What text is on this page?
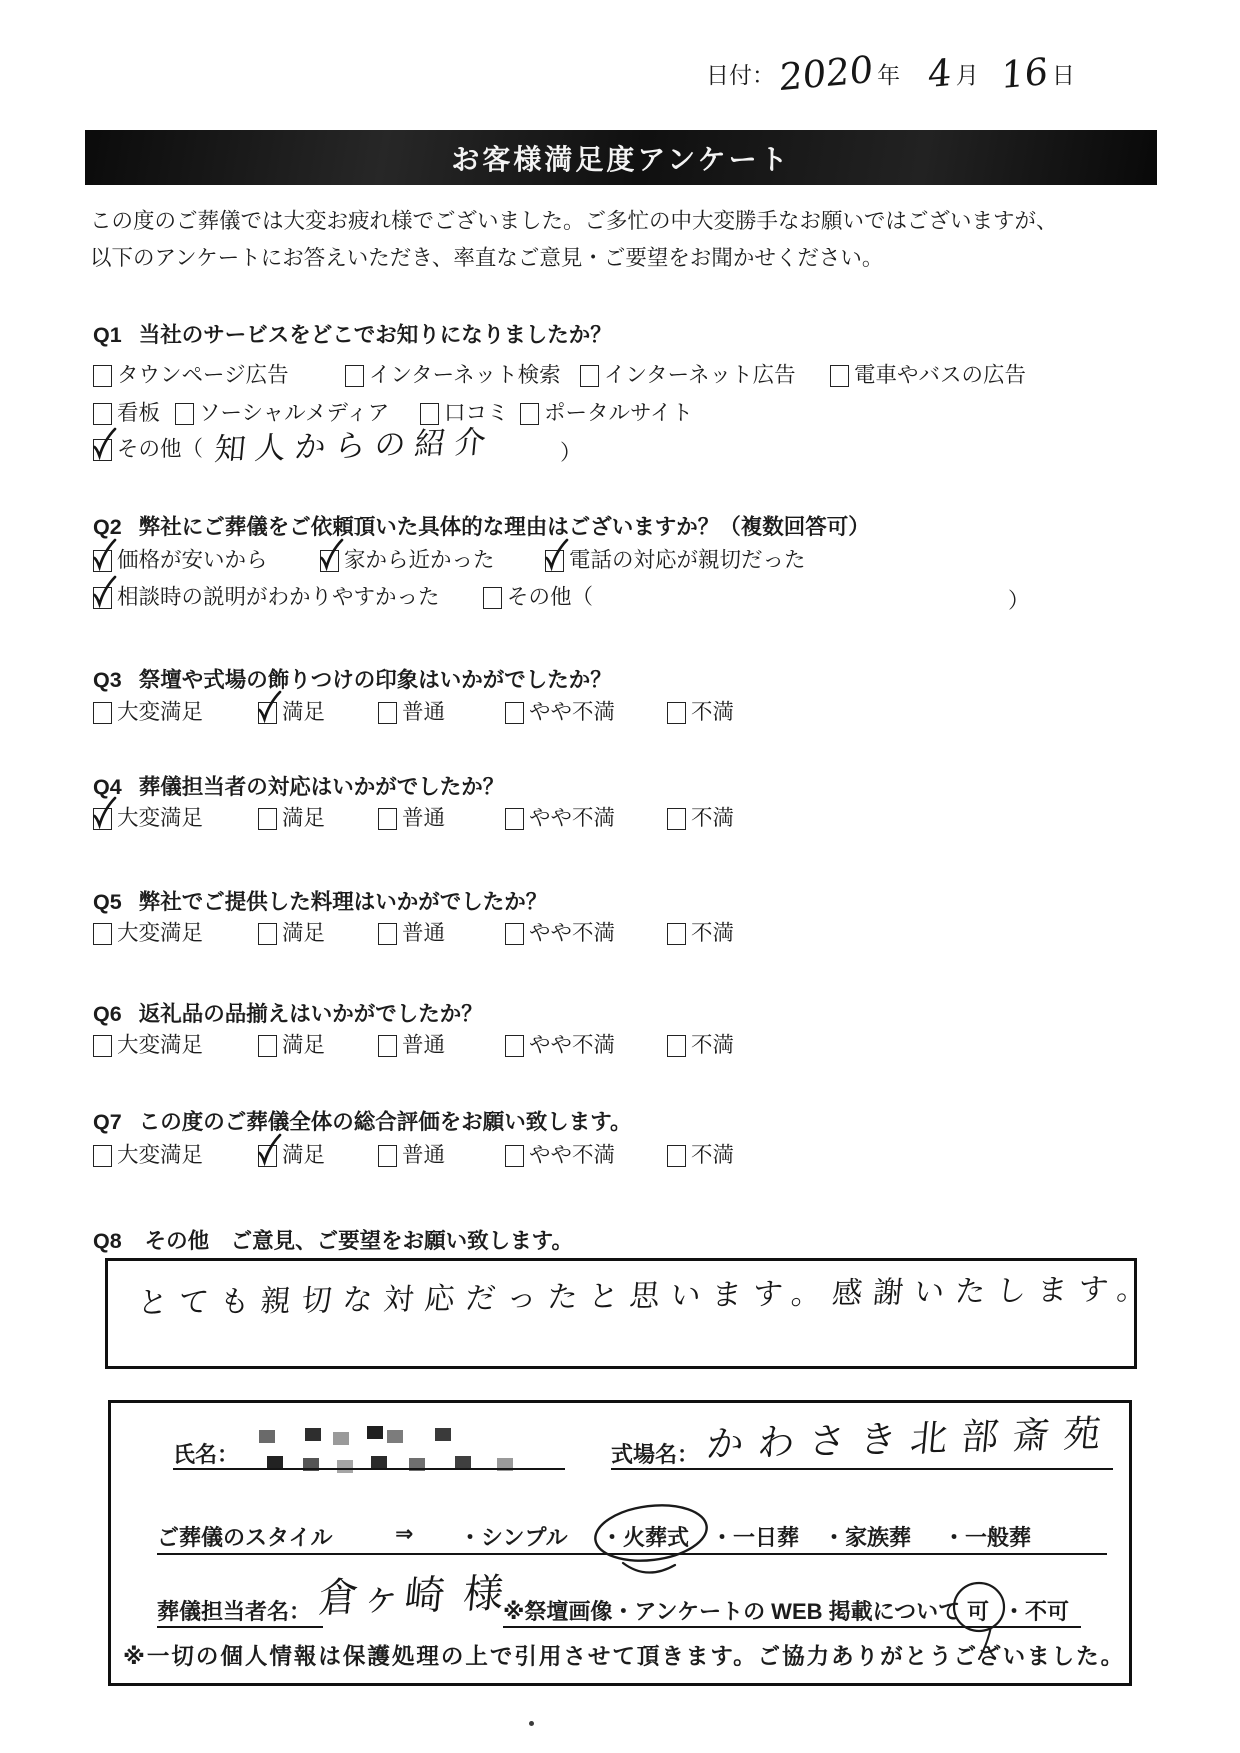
日付： 2020 年 4 月 16 日
お客様満足度アンケート
この度のご葬儀では大変お疲れ様でございました。ご多忙の中大変勝手なお願いではございますが、
以下のアンケートにお答えいただき、率直なご意見・ご要望をお聞かせください。
Q1 当社のサービスをどこでお知りになりましたか？
タウンページ広告	インターネット検索 インターネット広告	電車やバスの広告
看板 ソーシャルメディア	口コミ ポータルサイト
その他（ 知人からの紹介	）
Q2 弊社にご葬儀をご依頼頂いた具体的な理由はございますか？（複数回答可）
価格が安いから	家から近かった	電話の対応が親切だった
相談時の説明がわかりやすかった	その他（	）
Q3 祭壇や式場の飾りつけの印象はいかがでしたか？
大変満足	満足	普通	やや不満	不満
Q4 葬儀担当者の対応はいかがでしたか？
大変満足	満足	普通	やや不満	不満
Q5 弊社でご提供した料理はいかがでしたか？
大変満足	満足	普通	やや不満	不満
Q6 返礼品の品揃えはいかがでしたか？
大変満足	満足	普通	やや不満	不満
Q7 この度のご葬儀全体の総合評価をお願い致します。
大変満足	満足	普通	やや不満	不満
Q8 その他　ご意見、ご要望をお願い致します。
とても親切な対応だったと思います。感謝いたします。
氏名：	式場名： かわさき北部斎苑
ご葬儀のスタイル	⇒ ・シンプル ・火葬式 ・一日葬 ・家族葬 ・一般葬
葬儀担当者名： 倉ヶ崎 様
※祭壇画像・アンケートの WEB 掲載について 可 ・不可
※一切の個人情報は保護処理の上で引用させて頂きます。ご協力ありがとうございました。
